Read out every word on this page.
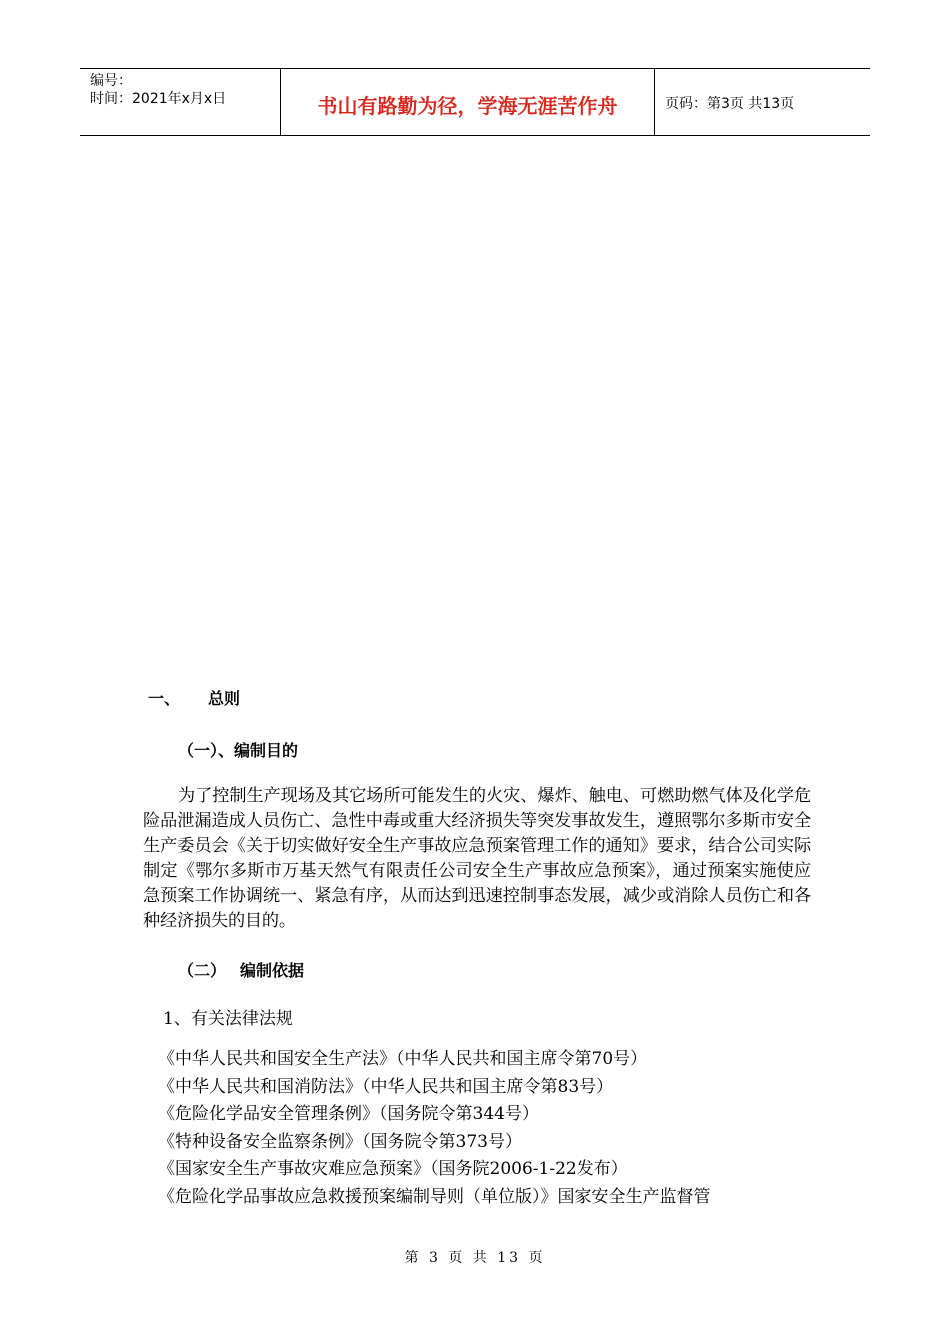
编号：
时间：2021年x月x日	书山有路勤为径，学海无涯苦作舟	页码：第3页 共13页
一、 总则
（一）、编制目的
为了控制生产现场及其它场所可能发生的火灾、爆炸、触电、可燃助燃气体及化学危险品泄漏造成人员伤亡、急性中毒或重大经济损失等突发事故发生，遵照鄂尔多斯市安全生产委员会《关于切实做好安全生产事故应急预案管理工作的通知》要求，结合公司实际制定《鄂尔多斯市万基天然气有限责任公司安全生产事故应急预案》，通过预案实施使应急预案工作协调统一、紧急有序，从而达到迅速控制事态发展，减少或消除人员伤亡和各种经济损失的目的。
（二） 编制依据
1、有关法律法规
《中华人民共和国安全生产法》（中华人民共和国主席令第70号）
《中华人民共和国消防法》（中华人民共和国主席令第83号）
《危险化学品安全管理条例》（国务院令第344号）
《特种设备安全监察条例》（国务院令第373号）
《国家安全生产事故灾难应急预案》（国务院2006-1-22发布）
《危险化学品事故应急救援预案编制导则（单位版）》国家安全生产监督管
第 3 页 共 13 页
